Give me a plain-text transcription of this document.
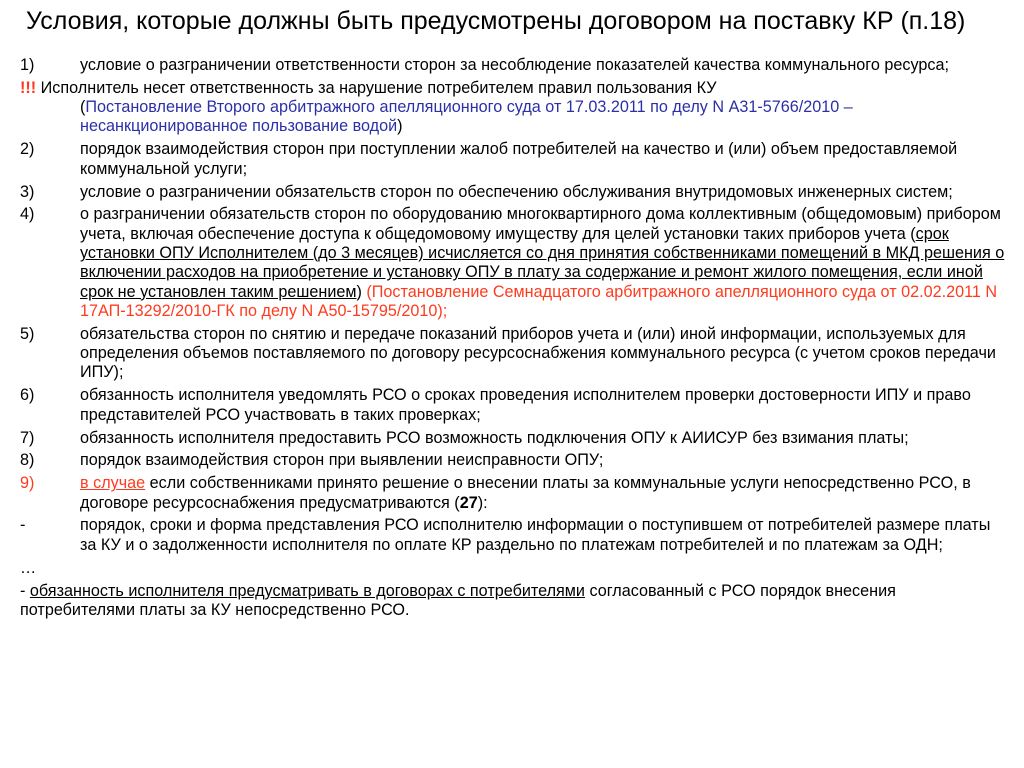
Условия, которые должны быть предусмотрены договором на поставку КР (п.18)
1)	условие о разграничении ответственности сторон за несоблюдение показателей качества коммунального ресурса;
!!! Исполнитель несет ответственность за нарушение потребителем правил пользования КУ
(Постановление Второго арбитражного апелляционного суда от 17.03.2011 по делу N А31-5766/2010 – несанкционированное пользование водой)
2)	порядок взаимодействия сторон при поступлении жалоб потребителей на качество и (или) объем предоставляемой коммунальной услуги;
3)	условие о разграничении обязательств сторон по обеспечению обслуживания внутридомовых инженерных систем;
4)	о разграничении обязательств сторон по оборудованию многоквартирного дома коллективным (общедомовым) прибором учета, включая обеспечение доступа к общедомовому имуществу для целей установки таких приборов учета (срок установки ОПУ Исполнителем (до 3 месяцев) исчисляется со дня принятия собственниками помещений в МКД решения о включении расходов на приобретение и установку ОПУ в плату за содержание и ремонт жилого помещения, если иной срок не установлен таким решением) (Постановление Семнадцатого арбитражного апелляционного суда от 02.02.2011 N 17АП-13292/2010-ГК по делу N А50-15795/2010);
5)	обязательства сторон по снятию и передаче показаний приборов учета и (или) иной информации, используемых для определения объемов поставляемого по договору ресурсоснабжения коммунального ресурса (с учетом сроков передачи ИПУ);
6)	обязанность исполнителя уведомлять РСО о сроках проведения исполнителем проверки достоверности ИПУ и право представителей РСО участвовать в таких проверках;
7)	обязанность исполнителя предоставить РСО возможность подключения ОПУ к АИИСУР без взимания платы;
8)	порядок взаимодействия сторон при выявлении неисправности ОПУ;
9)	в случае если собственниками принято решение о внесении платы за коммунальные услуги непосредственно РСО, в договоре ресурсоснабжения предусматриваются (27):
-	порядок, сроки и форма представления РСО исполнителю информации о поступившем от потребителей размере платы за КУ и о задолженности исполнителя по оплате КР раздельно по платежам потребителей и по платежам за ОДН;
…
- обязанность исполнителя предусматривать в договорах с потребителями согласованный с РСО порядок внесения потребителями платы за КУ непосредственно РСО.
